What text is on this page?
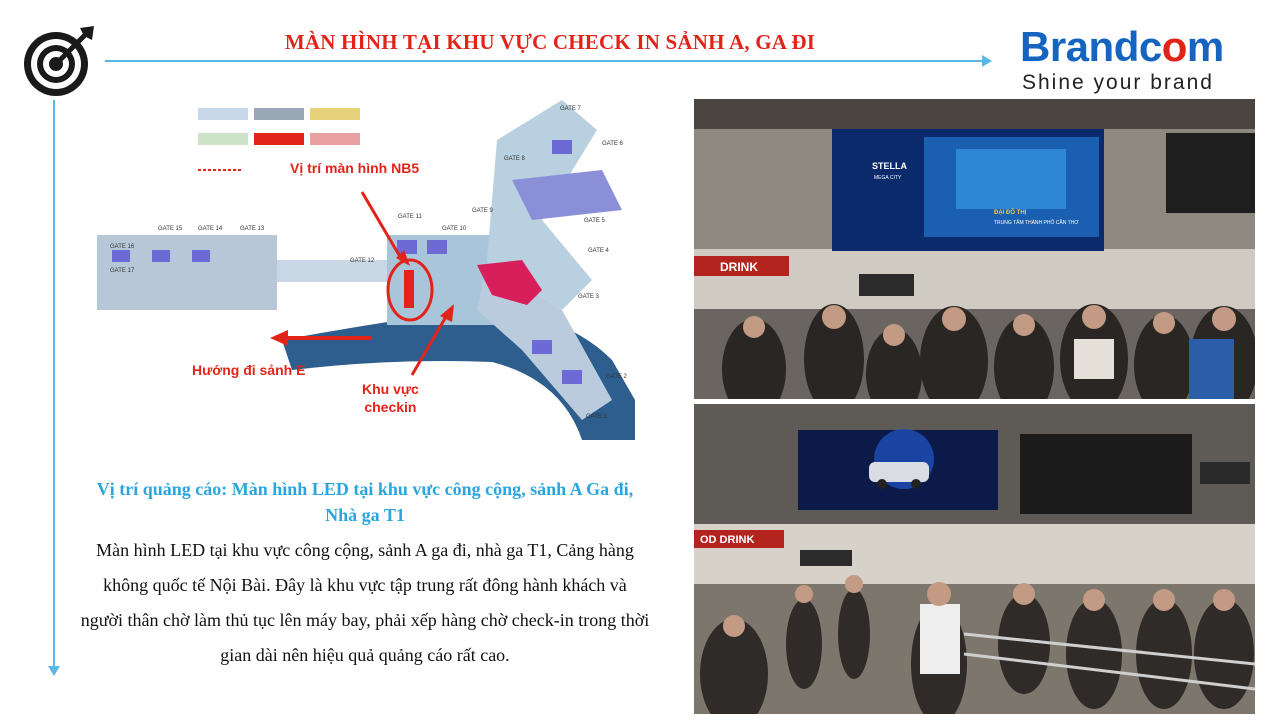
MÀN HÌNH TẠI KHU VỰC CHECK IN SẢNH A, GA ĐI	Brandcom
Shine your brand
GATE 7
GATE 6
GATE 8
GATE 9
GATE 5
GATE 4
GATE 10
GATE 11
GATE 12
GATE 3
GATE 15	GATE 14	GATE 13
GATE 16
GATE 17
GATE 2
GATE 1
Vị trí màn hình NB5
Hướng đi sảnh E
Khu vực
checkin
Vị trí quảng cáo: Màn hình LED tại khu vực công cộng, sảnh A Ga đi, Nhà ga T1
Màn hình LED tại khu vực công cộng, sảnh A ga đi, nhà ga T1, Cảng hàng không quốc tế Nội Bài. Đây là khu vực tập trung rất đông hành khách và người thân chờ làm thủ tục lên máy bay, phải xếp hàng chờ check-in trong thời gian dài nên hiệu quả quảng cáo rất cao.
STELLA
MEGA CITY
ĐẠI ĐÔ THỊ
TRUNG TÂM THÀNH PHỐ CẦN THƠ
DRINK
OD DRINK
